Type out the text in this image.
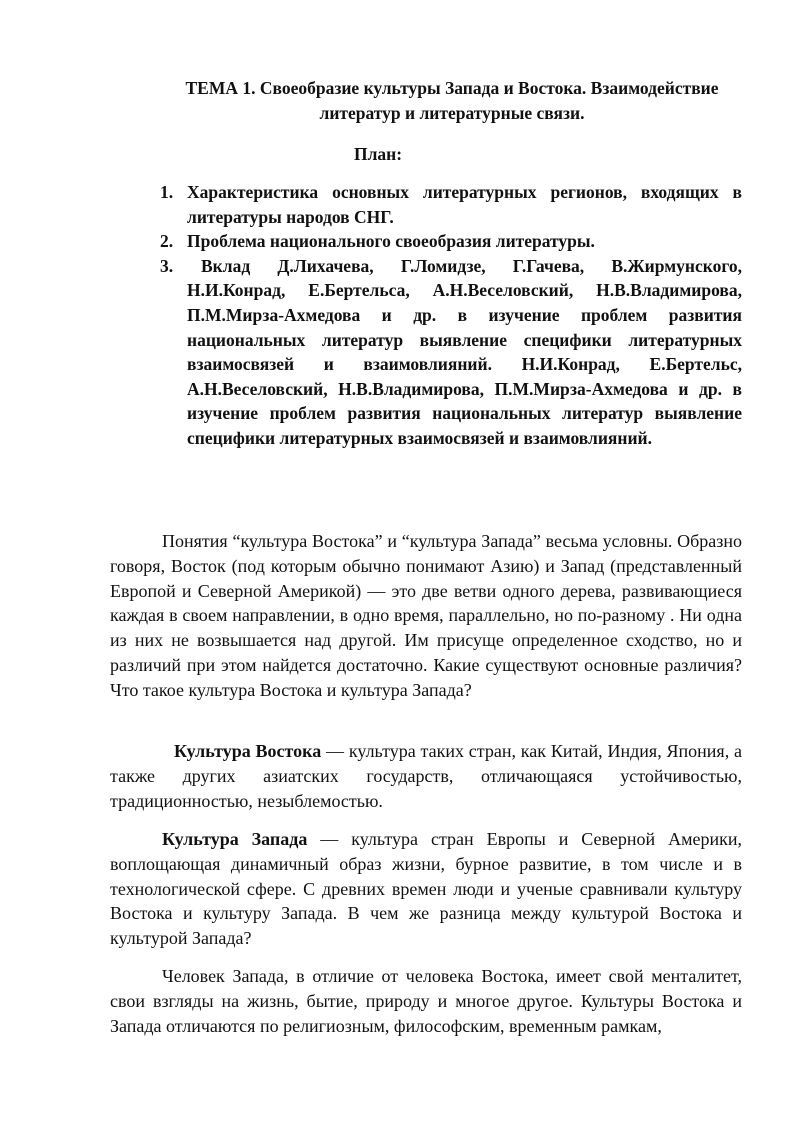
ТЕМА 1. Своеобразие культуры Запада и Востока. Взаимодействие литератур и литературные связи.
План:
1. Характеристика основных литературных регионов, входящих в литературы народов СНГ.
2. Проблема национального своеобразия литературы.
3.	Вклад Д.Лихачева, Г.Ломидзе, Г.Гачева, В.Жирмунского, Н.И.Конрад, Е.Бертельса, А.Н.Веселовский, Н.В.Владимирова, П.М.Мирза-Ахмедова и др. в изучение проблем развития национальных литератур выявление специфики литературных взаимосвязей и взаимовлияний. Н.И.Конрад, Е.Бертельс, А.Н.Веселовский, Н.В.Владимирова, П.М.Мирза-Ахмедова и др. в изучение проблем развития национальных литератур выявление специфики литературных взаимосвязей и взаимовлияний.

Понятия “культура Востока” и “культура Запада” весьма условны. Образно говоря, Восток (под которым обычно понимают Азию) и Запад (представленный Европой и Северной Америкой) — это две ветви одного дерева, развивающиеся каждая в своем направлении, в одно время, параллельно, но по-разному . Ни одна из них не возвышается над другой. Им присуще определенное сходство, но и различий при этом найдется достаточно. Какие существуют основные различия? Что такое культура Востока и культура Запада?

Культура Востока — культура таких стран, как Китай, Индия, Япония, а также других азиатских государств, отличающаяся устойчивостью, традиционностью, незыблемостью.

Культура Запада — культура стран Европы и Северной Америки, воплощающая динамичный образ жизни, бурное развитие, в том числе и в технологической сфере. С древних времен люди и ученые сравнивали культуру Востока и культуру Запада. В чем же разница между культурой Востока и культурой Запада?

Человек Запада, в отличие от человека Востока, имеет свой менталитет, свои взгляды на жизнь, бытие, природу и многое другое. Культуры Востока и Запада отличаются по религиозным, философским, временным рамкам,
